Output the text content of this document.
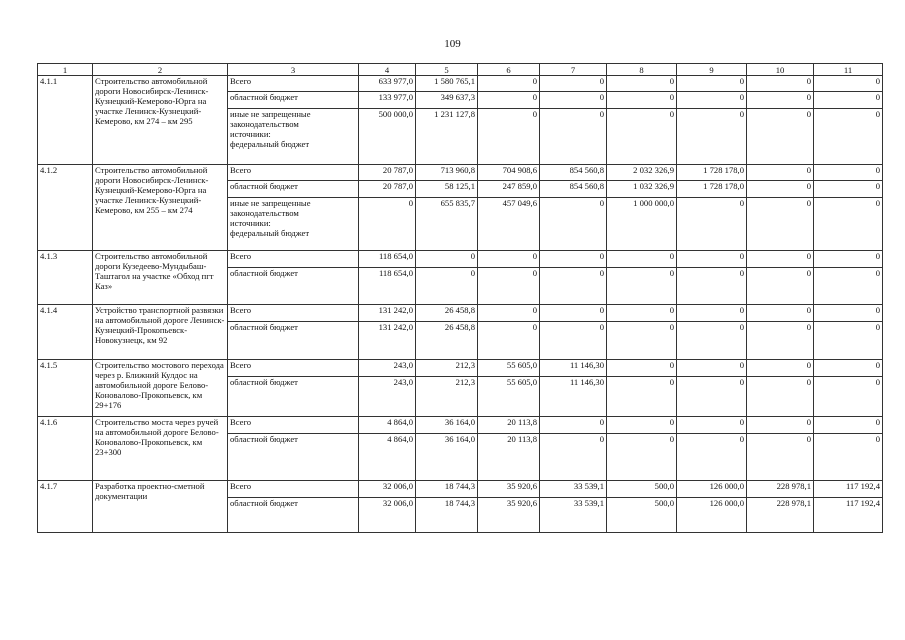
109
1	2	3	4	5	6	7	8	9	10	11
4.1.1	Строительство автомобильной дороги Новосибирск-Ленинск-Кузнецкий-Кемерово-Юрга на участке Ленинск-Кузнецкий-Кемерово, км 274 – км 295	Всего	633 977,0	1 580 765,1	0	0	0	0	0	0

		областной бюджет	133 977,0	349 637,3	0	0	0	0	0	0

		иные не запрещенные
законодательством
источники:
федеральный бюджет	500 000,0	1 231 127,8	0	0	0	0	0	0
4.1.2	Строительство автомобильной дороги Новосибирск-Ленинск-Кузнецкий-Кемерово-Юрга на участке Ленинск-Кузнецкий-Кемерово, км 255 – км 274	Всего	20 787,0	713 960,8	704 908,6	854 560,8	2 032 326,9	1 728 178,0	0	0

		областной бюджет	20 787,0	58 125,1	247 859,0	854 560,8	1 032 326,9	1 728 178,0	0	0

		иные не запрещенные
законодательством
источники:
федеральный бюджет	0	655 835,7	457 049,6	0	1 000 000,0	0	0	0
4.1.3	Строительство автомобильной дороги Кузедеево-Мундыбаш-Таштагол на участке «Обход пгт Каз»	Всего	118 654,0	0	0	0	0	0	0	0

		областной бюджет	118 654,0	0	0	0	0	0	0	0
4.1.4	Устройство транспортной развязки на автомобильной дороге Ленинск-Кузнецкий-Прокопьевск-Новокузнецк, км 92	Всего	131 242,0	26 458,8	0	0	0	0	0	0

		областной бюджет	131 242,0	26 458,8	0	0	0	0	0	0
4.1.5	Строительство мостового перехода через р. Ближний Кулдос на автомобильной дороге Белово-Коновалово-Прокопьевск, км 29+176	Всего	243,0	212,3	55 605,0	11 146,30	0	0	0	0

		областной бюджет	243,0	212,3	55 605,0	11 146,30	0	0	0	0
4.1.6	Строительство моста через ручей на автомобильной дороге Белово-Коновалово-Прокопьевск, км 23+300	Всего	4 864,0	36 164,0	20 113,8	0	0	0	0	0

		областной бюджет	4 864,0	36 164,0	20 113,8	0	0	0	0	0
4.1.7	Разработка проектно-сметной документации	Всего	32 006,0	18 744,3	35 920,6	33 539,1	500,0	126 000,0	228 978,1	117 192,4

		областной бюджет	32 006,0	18 744,3	35 920,6	33 539,1	500,0	126 000,0	228 978,1	117 192,4
